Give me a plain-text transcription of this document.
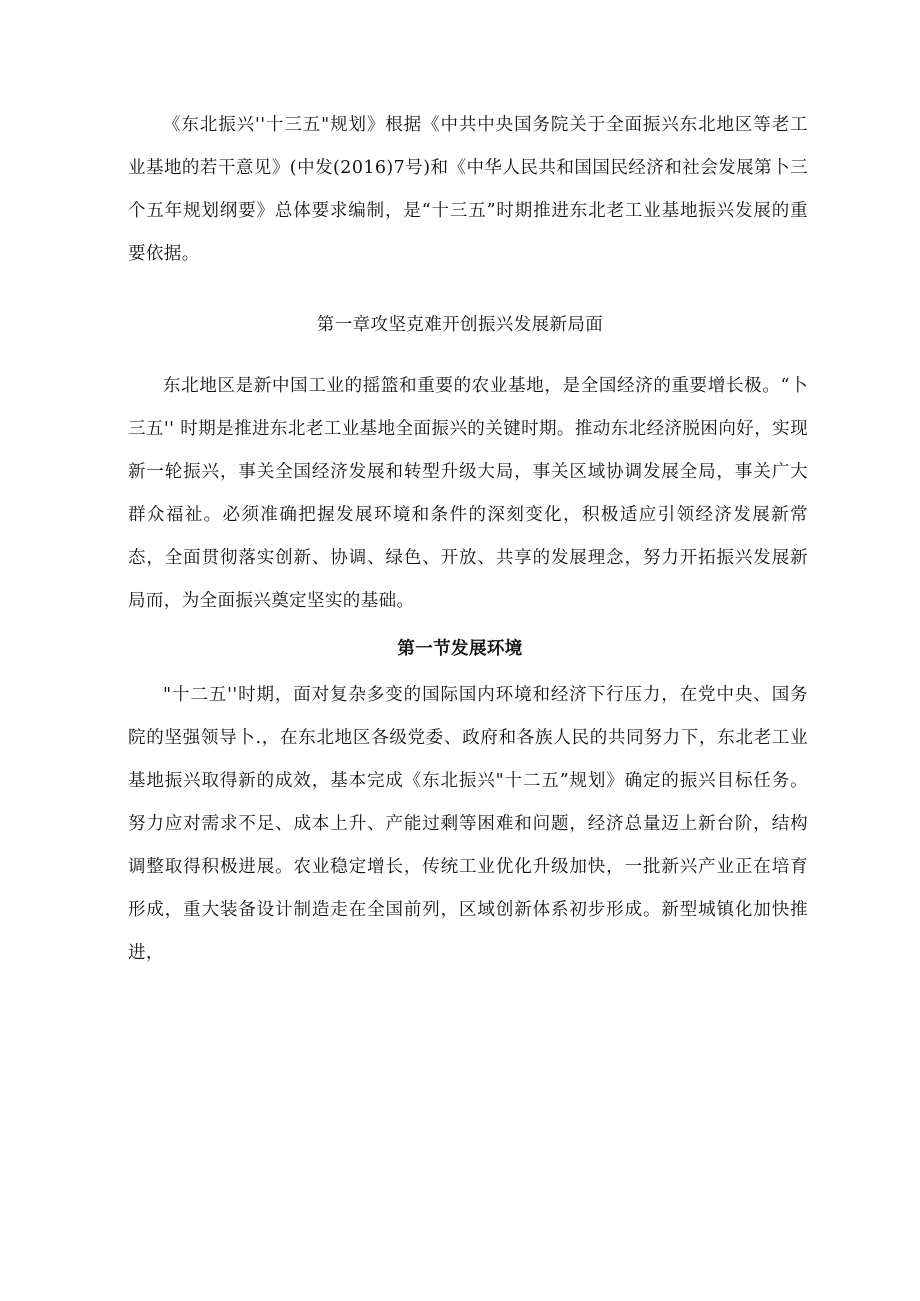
《东北振兴''十三五"规划》根据《中共中央国务院关于全面振兴东北地区等老工业基地的若干意见》(中发(2016)7号)和《中华人民共和国国民经济和社会发展第卜三个五年规划纲要》总体要求编制，是“十三五”时期推进东北老工业基地振兴发展的重要依据。

第一章攻坚克难开创振兴发展新局面

东北地区是新中国工业的摇篮和重要的农业基地，是全国经济的重要增长极。“卜三五'' 时期是推进东北老工业基地全面振兴的关键时期。推动东北经济脱困向好，实现新一轮振兴，事关全国经济发展和转型升级大局，事关区域协调发展全局，事关广大群众福祉。必须准确把握发展环境和条件的深刻变化，积极适应引领经济发展新常态，全面贯彻落实创新、协调、绿色、开放、共享的发展理念，努力开拓振兴发展新局而，为全面振兴奠定坚实的基础。

第一节发展环境

"十二五''时期，面对复杂多变的国际国内环境和经济下行压力，在党中央、国务院的坚强领导卜.，在东北地区各级党委、政府和各族人民的共同努力下，东北老工业基地振兴取得新的成效，基本完成《东北振兴"十二五”规划》确定的振兴目标任务。努力应对需求不足、成本上升、产能过剩等困难和问题，经济总量迈上新台阶，结构调整取得积极进展。农业稳定增长，传统工业优化升级加快，一批新兴产业正在培育形成，重大装备设计制造走在全国前列，区域创新体系初步形成。新型城镇化加快推进，
